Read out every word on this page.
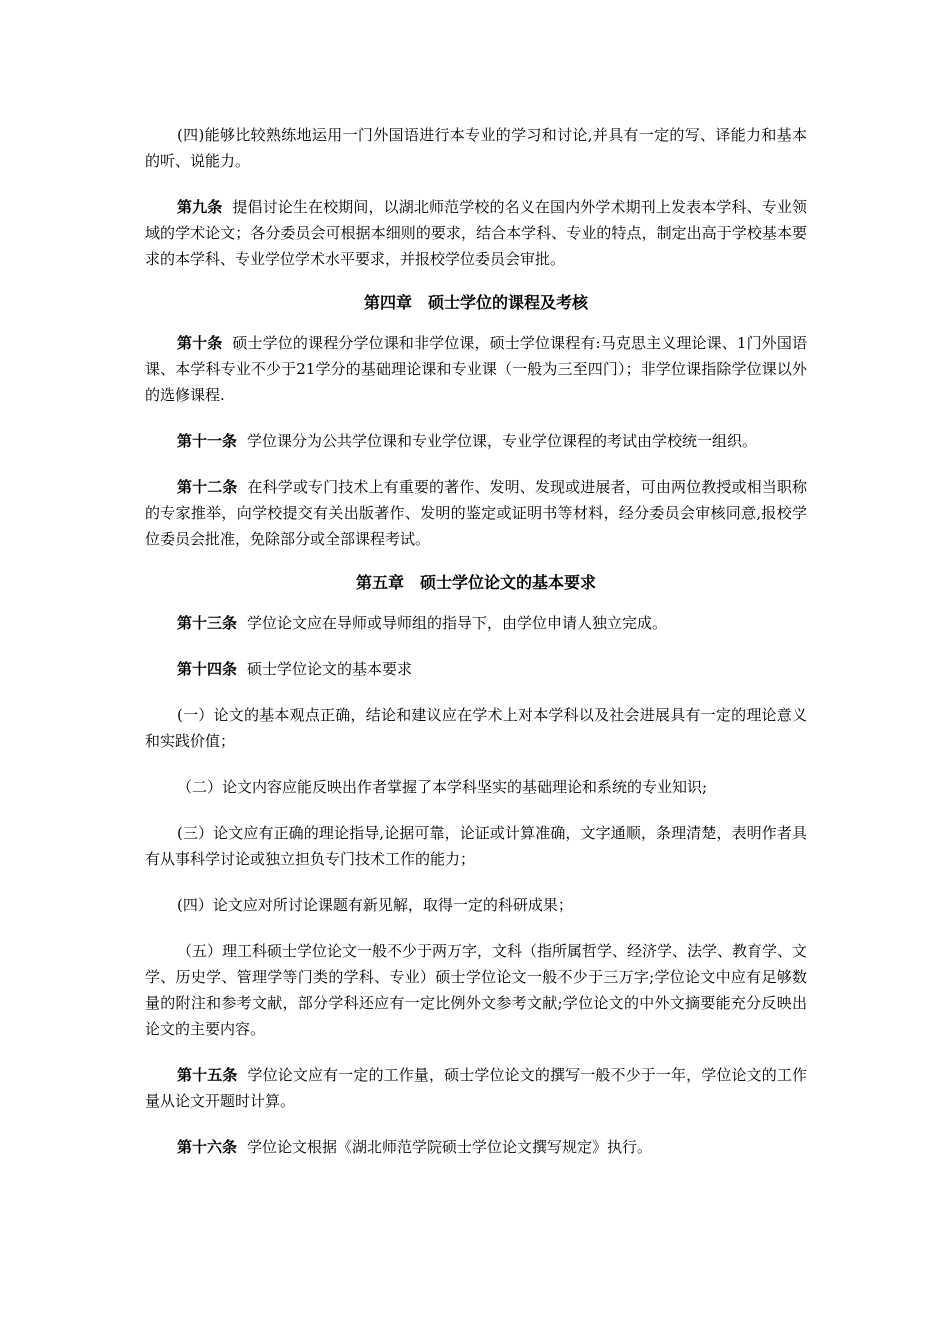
(四)能够比较熟练地运用一门外国语进行本专业的学习和讨论,并具有一定的写、译能力和基本的听、说能力。

第九条 提倡讨论生在校期间，以湖北师范学校的名义在国内外学术期刊上发表本学科、专业领域的学术论文；各分委员会可根据本细则的要求，结合本学科、专业的特点，制定出高于学校基本要求的本学科、专业学位学术水平要求，并报校学位委员会审批。

第四章　硕士学位的课程及考核

第十条 硕士学位的课程分学位课和非学位课，硕士学位课程有:马克思主义理论课、1门外国语课、本学科专业不少于21学分的基础理论课和专业课（一般为三至四门）；非学位课指除学位课以外的选修课程.

第十一条 学位课分为公共学位课和专业学位课，专业学位课程的考试由学校统一组织。

第十二条 在科学或专门技术上有重要的著作、发明、发现或进展者，可由两位教授或相当职称的专家推举，向学校提交有关出版著作、发明的鉴定或证明书等材料，经分委员会审核同意,报校学位委员会批准，免除部分或全部课程考试。

第五章　硕士学位论文的基本要求

第十三条 学位论文应在导师或导师组的指导下，由学位申请人独立完成。

第十四条 硕士学位论文的基本要求

(一）论文的基本观点正确，结论和建议应在学术上对本学科以及社会进展具有一定的理论意义和实践价值；

（二）论文内容应能反映出作者掌握了本学科坚实的基础理论和系统的专业知识;

(三）论文应有正确的理论指导,论据可靠，论证或计算准确，文字通顺，条理清楚，表明作者具有从事科学讨论或独立担负专门技术工作的能力；

(四）论文应对所讨论课题有新见解，取得一定的科研成果；

（五）理工科硕士学位论文一般不少于两万字，文科（指所属哲学、经济学、法学、教育学、文学、历史学、管理学等门类的学科、专业）硕士学位论文一般不少于三万字;学位论文中应有足够数量的附注和参考文献，部分学科还应有一定比例外文参考文献;学位论文的中外文摘要能充分反映出论文的主要内容。

第十五条 学位论文应有一定的工作量，硕士学位论文的撰写一般不少于一年，学位论文的工作量从论文开题时计算。

第十六条 学位论文根据《湖北师范学院硕士学位论文撰写规定》执行。
